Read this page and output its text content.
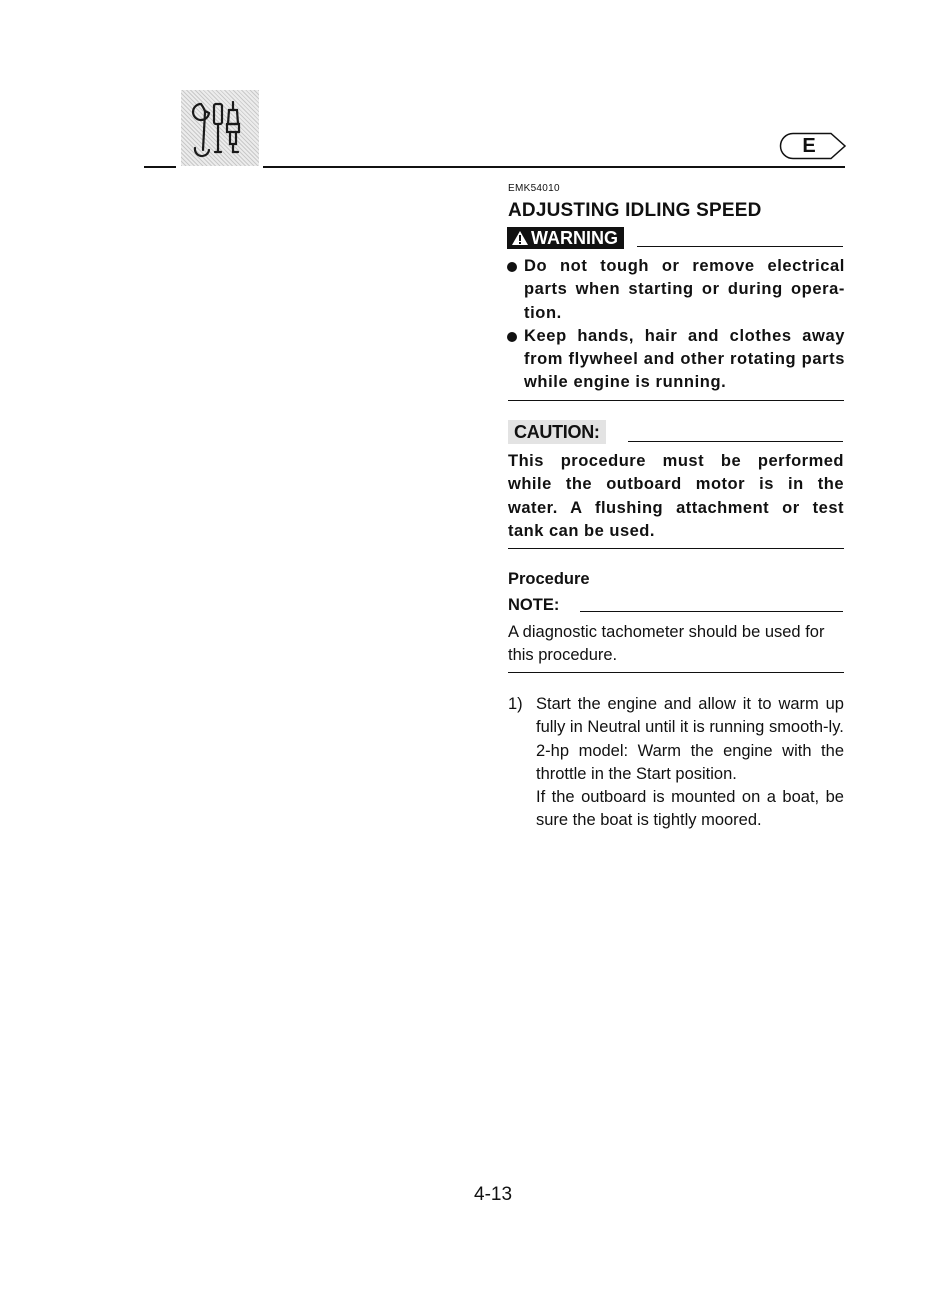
E
EMK54010
ADJUSTING IDLING SPEED
WARNING
Do not tough or remove electrical parts when starting or during opera-tion.
Keep hands, hair and clothes away from flywheel and other rotating parts while engine is running.
CAUTION:
This procedure must be performed while the outboard motor is in the water. A flushing attachment or test tank can be used.
Procedure
NOTE:
A diagnostic tachometer should be used for this procedure.
1) Start the engine and allow it to warm up fully in Neutral until it is running smooth-ly.

2-hp model: Warm the engine with the throttle in the Start position.

If the outboard is mounted on a boat, be sure the boat is tightly moored.

4-13
